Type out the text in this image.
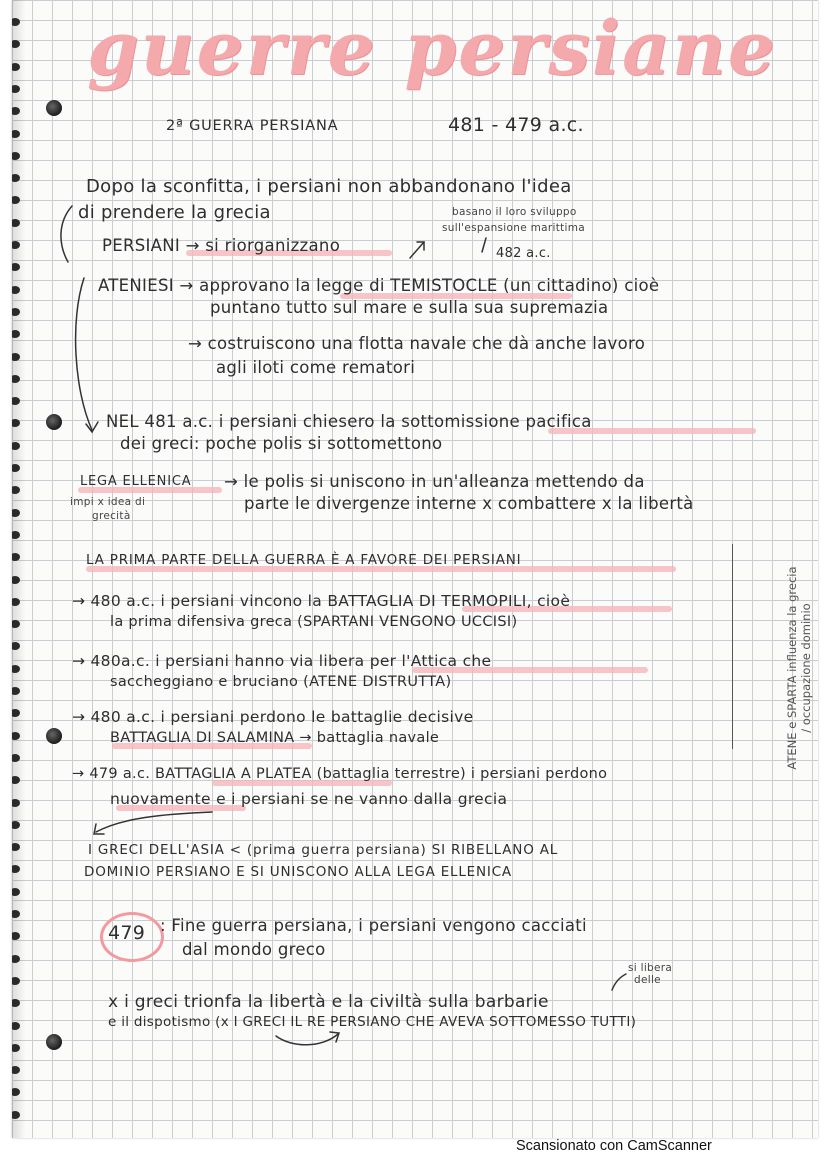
guerre persiane

2ª GUERRA PERSIANA	481 - 479 a.c.

Dopo la sconfitta, i persiani non abbandonano l'idea

di prendere la grecia	basano il loro sviluppo

sull'espansione marittima

482 a.c.

PERSIANI → si riorganizzano

ATENIESI → approvano la legge di TEMISTOCLE (un cittadino) cioè

puntano tutto sul mare e sulla sua supremazia

→ costruiscono una flotta navale che dà anche lavoro

agli iloti come rematori

NEL 481 a.c. i persiani chiesero la sottomissione pacifica

dei greci: poche polis si sottomettono

LEGA ELLENICA

impi x idea di

grecità

→ le polis si uniscono in un'alleanza mettendo da

parte le divergenze interne x combattere x la libertà

LA PRIMA PARTE DELLA GUERRA È A FAVORE DEI PERSIANI

→ 480 a.c. i persiani vincono la BATTAGLIA DI TERMOPILI, cioè

la prima difensiva greca (SPARTANI VENGONO UCCISI)

→ 480a.c. i persiani hanno via libera per l'Attica che

saccheggiano e bruciano (ATENE DISTRUTTA)

→ 480 a.c. i persiani perdono le battaglie decisive

BATTAGLIA DI SALAMINA → battaglia navale

→ 479 a.c. BATTAGLIA A PLATEA (battaglia terrestre) i persiani perdono

nuovamente e i persiani se ne vanno dalla grecia

ATENE e SPARTA influenza la grecia / occupazione dominio

I GRECI DELL'ASIA < (prima guerra persiana) SI RIBELLANO AL

DOMINIO PERSIANO E SI UNISCONO ALLA LEGA ELLENICA

479 : Fine guerra persiana, i persiani vengono cacciati

dal mondo greco

si libera

delle

x i greci trionfa la libertà e la civiltà sulla barbarie

e il dispotismo (x I GRECI IL RE PERSIANO CHE AVEVA SOTTOMESSO TUTTI)

Scansionato con CamScanner
